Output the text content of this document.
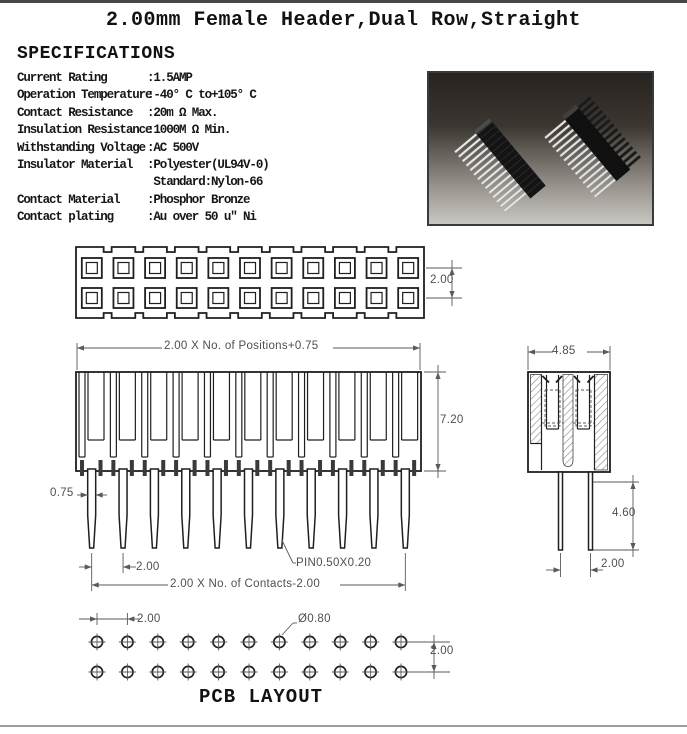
2.00mm Female Header,Dual Row,Straight
SPECIFICATIONS
Current Rating	:1.5AMP
Operation Temperature
:-40° C to+105° C
Contact Resistance	:20m Ω Max.
Insulation Resistance
:1000M Ω Min.
Withstanding Voltage :AC 500V
Insulator Material	:Polyester(UL94V-0)
Standard:Nylon-66
Contact Material	:Phosphor Bronze
Contact plating	:Au over 50 u" Ni
2.00
2.00 X No. of Positions+0.75
7.20
0.75
2.00	PIN0.50X0.20
2.00 X No. of Contacts-2.00
4.85
4.60
2.00
2.00	Ø0.80
2.00
PCB LAYOUT
